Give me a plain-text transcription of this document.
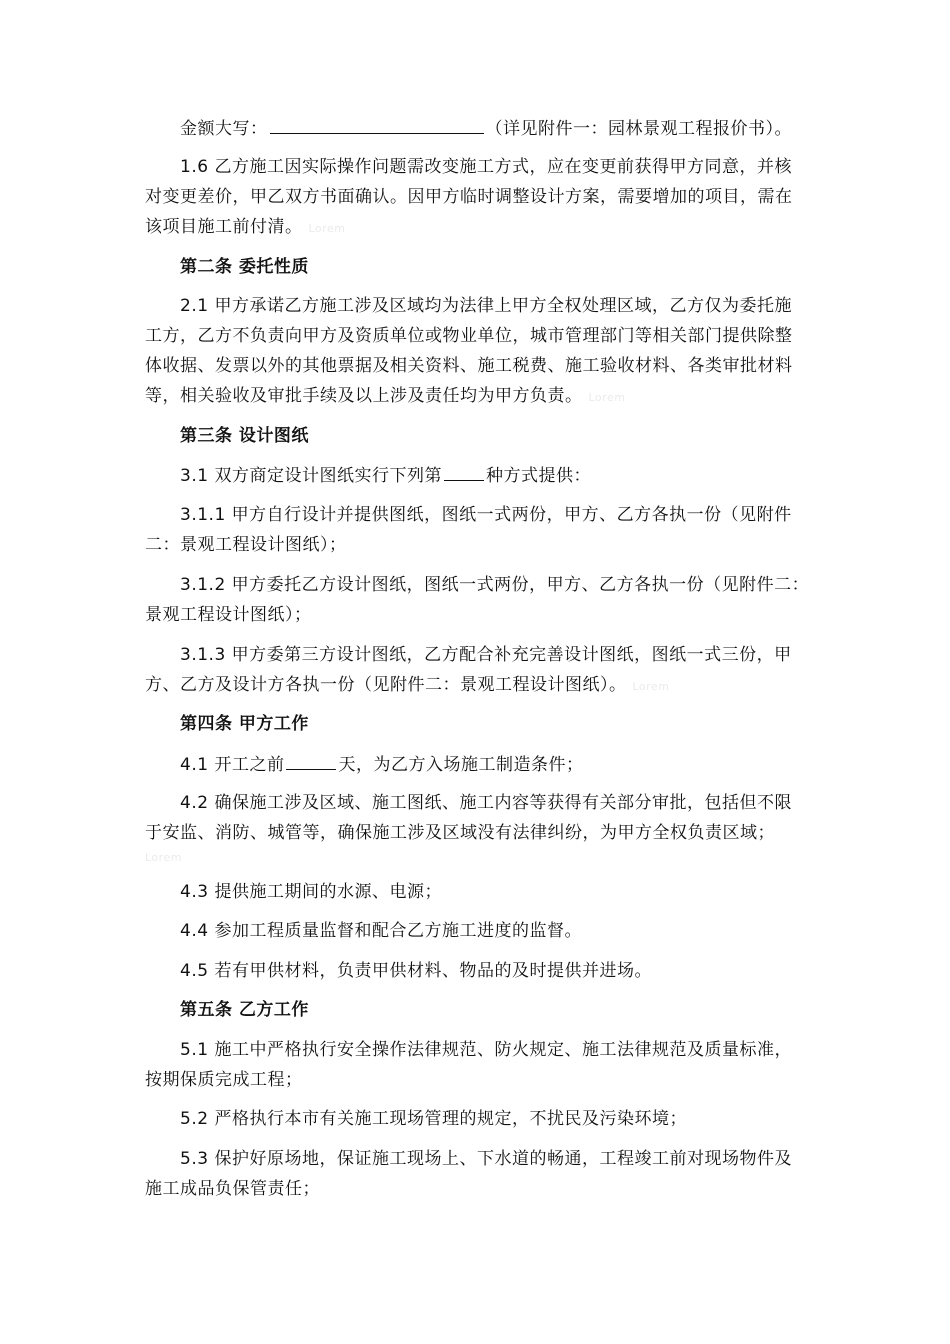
金额大写：	（详见附件一：园林景观工程报价书）。
1.6 乙方施工因实际操作问题需改变施工方式，应在变更前获得甲方同意，并核
对变更差价，甲乙双方书面确认。因甲方临时调整设计方案，需要增加的项目，需在
该项目施工前付清。 Lorem
第二条 委托性质
2.1 甲方承诺乙方施工涉及区域均为法律上甲方全权处理区域，乙方仅为委托施
工方，乙方不负责向甲方及资质单位或物业单位，城市管理部门等相关部门提供除整
体收据、发票以外的其他票据及相关资料、施工税费、施工验收材料、各类审批材料
等，相关验收及审批手续及以上涉及责任均为甲方负责。 Lorem
第三条 设计图纸
3.1 双方商定设计图纸实行下列第	种方式提供：
3.1.1 甲方自行设计并提供图纸，图纸一式两份，甲方、乙方各执一份（见附件
二：景观工程设计图纸）；
3.1.2 甲方委托乙方设计图纸，图纸一式两份，甲方、乙方各执一份（见附件二：
景观工程设计图纸）；
3.1.3 甲方委第三方设计图纸，乙方配合补充完善设计图纸，图纸一式三份，甲
方、乙方及设计方各执一份（见附件二：景观工程设计图纸）。 Lorem
第四条 甲方工作
4.1 开工之前	天，为乙方入场施工制造条件；
4.2 确保施工涉及区域、施工图纸、施工内容等获得有关部分审批，包括但不限
于安监、消防、城管等，确保施工涉及区域没有法律纠纷，为甲方全权负责区域；
Lorem
4.3 提供施工期间的水源、电源；
4.4 参加工程质量监督和配合乙方施工进度的监督。
4.5 若有甲供材料，负责甲供材料、物品的及时提供并进场。
第五条 乙方工作
5.1 施工中严格执行安全操作法律规范、防火规定、施工法律规范及质量标准，
按期保质完成工程；
5.2 严格执行本市有关施工现场管理的规定，不扰民及污染环境；
5.3 保护好原场地，保证施工现场上、下水道的畅通，工程竣工前对现场物件及
施工成品负保管责任；
